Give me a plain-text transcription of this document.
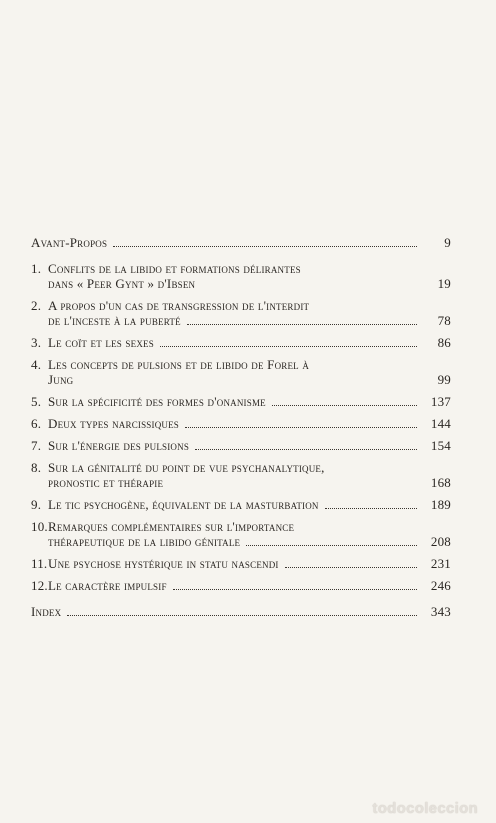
Avant-Propos	9
1. Conflits de la libido et formations délirantes
dans « Peer Gynt » d'Ibsen	19
2. A propos d'un cas de transgression de l'interdit
de l'inceste à la puberté	78
3. Le coït et les sexes	86
4. Les concepts de pulsions et de libido de Forel à
Jung	99
5. Sur la spécificité des formes d'onanisme	137
6. Deux types narcissiques	144
7. Sur l'énergie des pulsions	154
8. Sur la génitalité du point de vue psychanalytique,
pronostic et thérapie	168
9. Le tic psychogène, équivalent de la masturbation	189
10. Remarques complémentaires sur l'importance
thérapeutique de la libido génitale	208
11. Une psychose hystérique in statu nascendi	231
12. Le caractère impulsif	246
Index	343
todocoleccion
